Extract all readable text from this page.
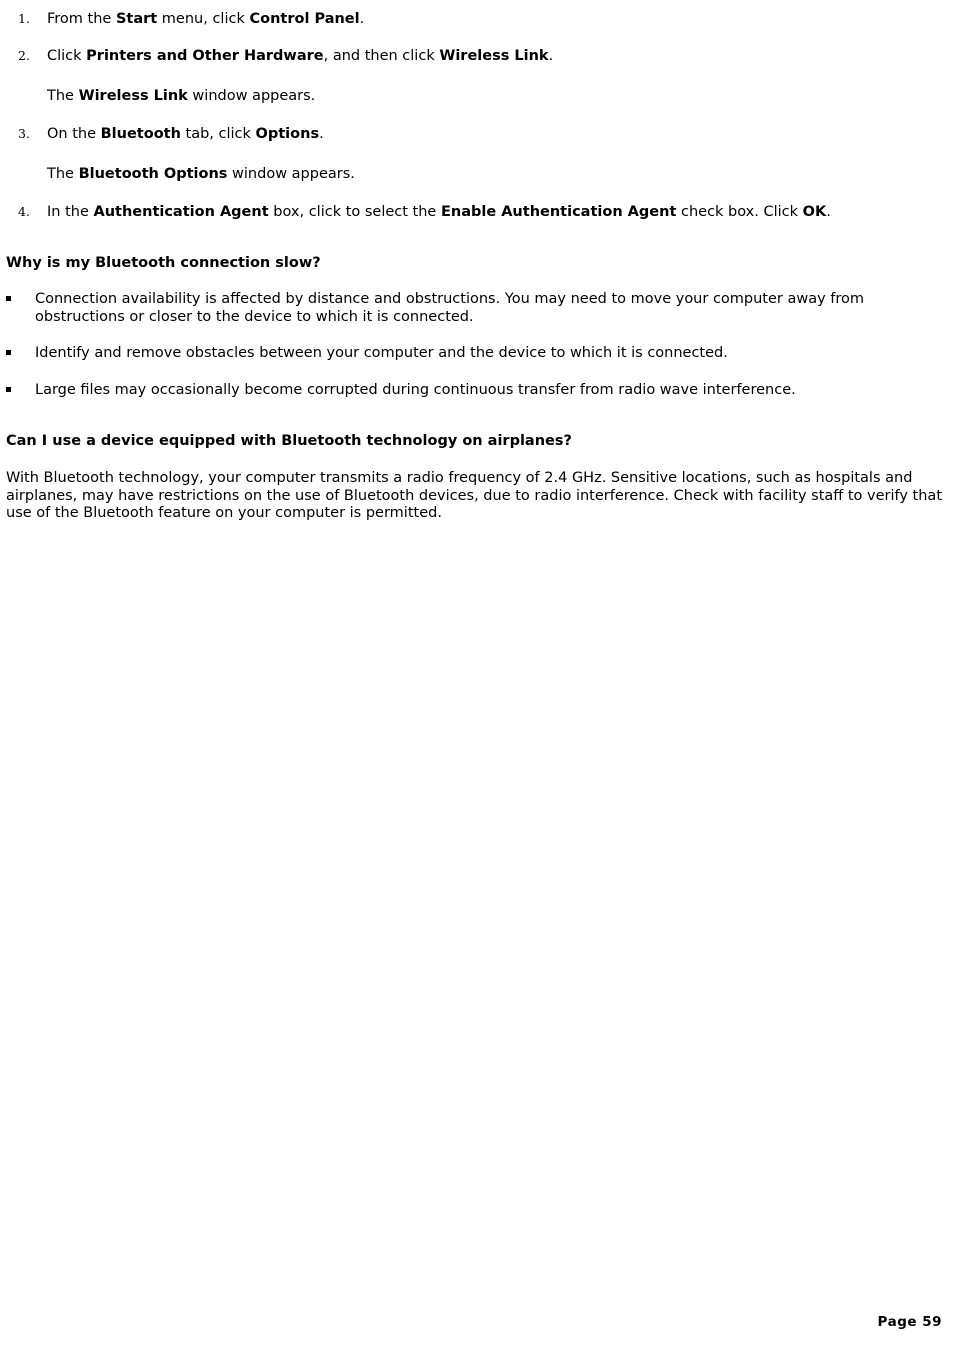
1. From the Start menu, click Control Panel.
2. Click Printers and Other Hardware, and then click Wireless Link.
The Wireless Link window appears.
3. On the Bluetooth tab, click Options.
The Bluetooth Options window appears.
4. In the Authentication Agent box, click to select the Enable Authentication Agent check box. Click OK.
Why is my Bluetooth connection slow?
Connection availability is affected by distance and obstructions. You may need to move your computer away from obstructions or closer to the device to which it is connected.
Identify and remove obstacles between your computer and the device to which it is connected.
Large files may occasionally become corrupted during continuous transfer from radio wave interference.
Can I use a device equipped with Bluetooth technology on airplanes?
With Bluetooth technology, your computer transmits a radio frequency of 2.4 GHz. Sensitive locations, such as hospitals and airplanes, may have restrictions on the use of Bluetooth devices, due to radio interference. Check with facility staff to verify that use of the Bluetooth feature on your computer is permitted.
Page 59
